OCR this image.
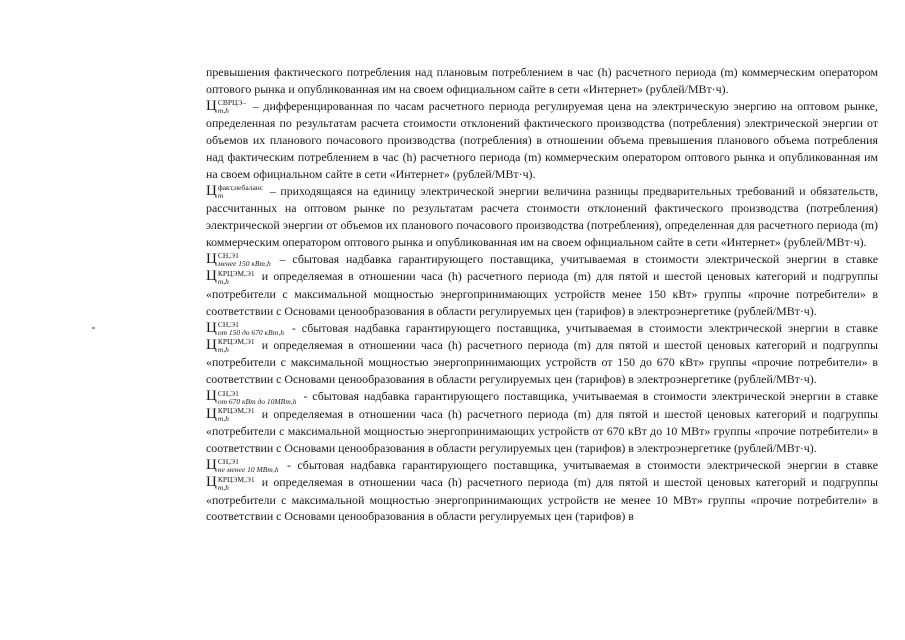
превышения фактического потребления над плановым потреблением в час (h) расчетного периода (m) коммерческим оператором оптового рынка и опубликованная им на своем официальном сайте в сети «Интернет» (рублей/МВт·ч).

Ц СВРЦЭ–
m,h	– дифференцированная по часам расчетного периода регулируемая цена на электрическую энергию на оптовом рынке, определенная по результатам расчета стоимости отклонений фактического производства (потребления) электрической энергии от объемов их планового почасового производства (потребления) в отношении объема превышения планового объема потребления над фактическим потреблением в час (h) расчетного периода (m) коммерческим оператором оптового рынка и опубликованная им на своем официальном сайте в сети «Интернет» (рублей/МВт·ч).

Ц факт,небаланс
m	– приходящаяся на единицу электрической энергии величина разницы предварительных требований и обязательств, рассчитанных на оптовом рынке по результатам расчета стоимости отклонений фактического производства (потребления) электрической энергии от объемов их планового почасового производства (потребления), определенная для расчетного периода (m) коммерческим оператором оптового рынка и опубликованная им на своем официальном сайте в сети «Интернет» (рублей/МВт·ч).

Ц СН,Э1
менее 150 кВт,h – сбытовая надбавка гарантирующего поставщика, учитываемая в стоимости электрической энергии в ставке Ц КРЦЭМ,Э1
m,h	и определяемая в отношении часа (h) расчетного периода (m) для пятой и шестой ценовых категорий и подгруппы «потребители с максимальной мощностью энергопринимающих устройств менее 150 кВт» группы «прочие потребители» в соответствии с Основами ценообразования в области регулируемых цен (тарифов) в электроэнергетике (рублей/МВт·ч).

Ц СН,Э1
от 150 до 670 кВт,h - сбытовая надбавка гарантирующего поставщика, учитываемая в стоимости электрической энергии в ставке Ц КРЦЭМ,Э1
m,h	и определяемая в отношении часа (h) расчетного периода (m) для пятой и шестой ценовых категорий и подгруппы «потребители с максимальной мощностью энергопринимающих устройств от 150 до 670 кВт» группы «прочие потребители» в соответствии с Основами ценообразования в области регулируемых цен (тарифов) в электроэнергетике (рублей/МВт·ч).

Ц СН,Э1
от 670 кВт до 10МВт,h - сбытовая надбавка гарантирующего поставщика, учитываемая в стоимости электрической энергии в ставке Ц КРЦЭМ,Э1
m,h	и определяемая в отношении часа (h) расчетного периода (m) для пятой и шестой ценовых категорий и подгруппы «потребители с максимальной мощностью энергопринимающих устройств от 670 кВт до 10 МВт» группы «прочие потребители» в соответствии с Основами ценообразования в области регулируемых цен (тарифов) в электроэнергетике (рублей/МВт·ч).

Ц СН,Э1
не менее 10 МВт,h - сбытовая надбавка гарантирующего поставщика, учитываемая в стоимости электрической энергии в ставке Ц КРЦЭМ,Э1
m,h	и определяемая в отношении часа (h) расчетного периода (m) для пятой и шестой ценовых категорий и подгруппы «потребители с максимальной мощностью энергопринимающих устройств не менее 10 МВт» группы «прочие потребители» в соответствии с Основами ценообразования в области регулируемых цен (тарифов) в
